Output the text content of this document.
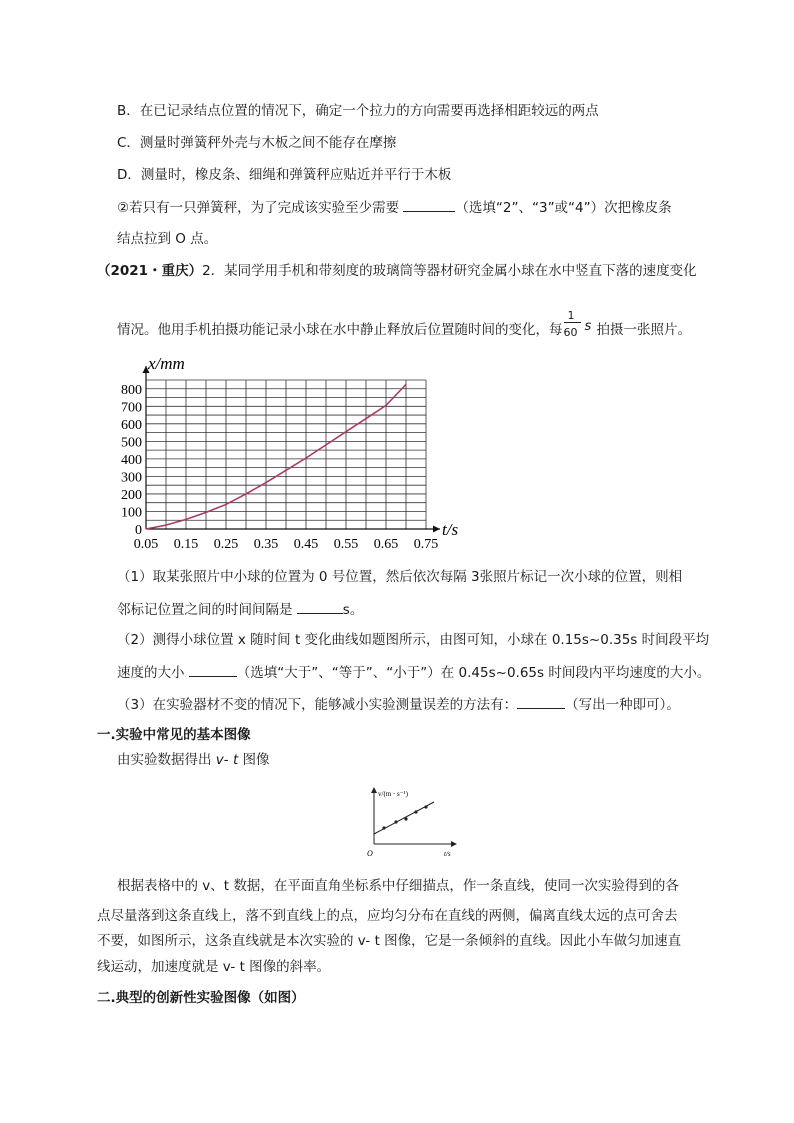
B．在已记录结点位置的情况下，确定一个拉力的方向需要再选择相距较远的两点
C．测量时弹簧秤外壳与木板之间不能存在摩擦
D．测量时，橡皮条、细绳和弹簧秤应贴近并平行于木板
②若只有一只弹簧秤，为了完成该实验至少需要	（选填“2”、“3”或“4”）次把橡皮条
结点拉到 O 点。
（2021・重庆）2．某同学用手机和带刻度的玻璃筒等器材研究金属小球在水中竖直下落的速度变化
情况。他用手机拍摄功能记录小球在水中静止释放后位置随时间的变化，每
1
60 s 拍摄一张照片。
0
100
200
300
400
500
600
700
800
0.05 0.15 0.25 0.35 0.45 0.55 0.65 0.75
x/mm
t/s
（1）取某张照片中小球的位置为 0 号位置，然后依次每隔 3张照片标记一次小球的位置，则相
邻标记位置之间的时间间隔是	s。
（2）测得小球位置 x 随时间 t 变化曲线如题图所示，由图可知，小球在 0.15s~0.35s 时间段平均
速度的大小	（选填“大于”、“等于”、“小于”）在 0.45s~0.65s 时间段内平均速度的大小。
（3）在实验器材不变的情况下，能够减小实验测量误差的方法有：	（写出一种即可）。
一.实验中常见的基本图像
由实验数据得出 v- t 图像
v/(m · s⁻¹)
t/s
O
根据表格中的 v、t 数据，在平面直角坐标系中仔细描点，作一条直线，使同一次实验得到的各
点尽量落到这条直线上，落不到直线上的点，应均匀分布在直线的两侧，偏离直线太远的点可舍去
不要，如图所示，这条直线就是本次实验的 v- t 图像，它是一条倾斜的直线。因此小车做匀加速直
线运动，加速度就是 v- t 图像的斜率。
二.典型的创新性实验图像（如图）
